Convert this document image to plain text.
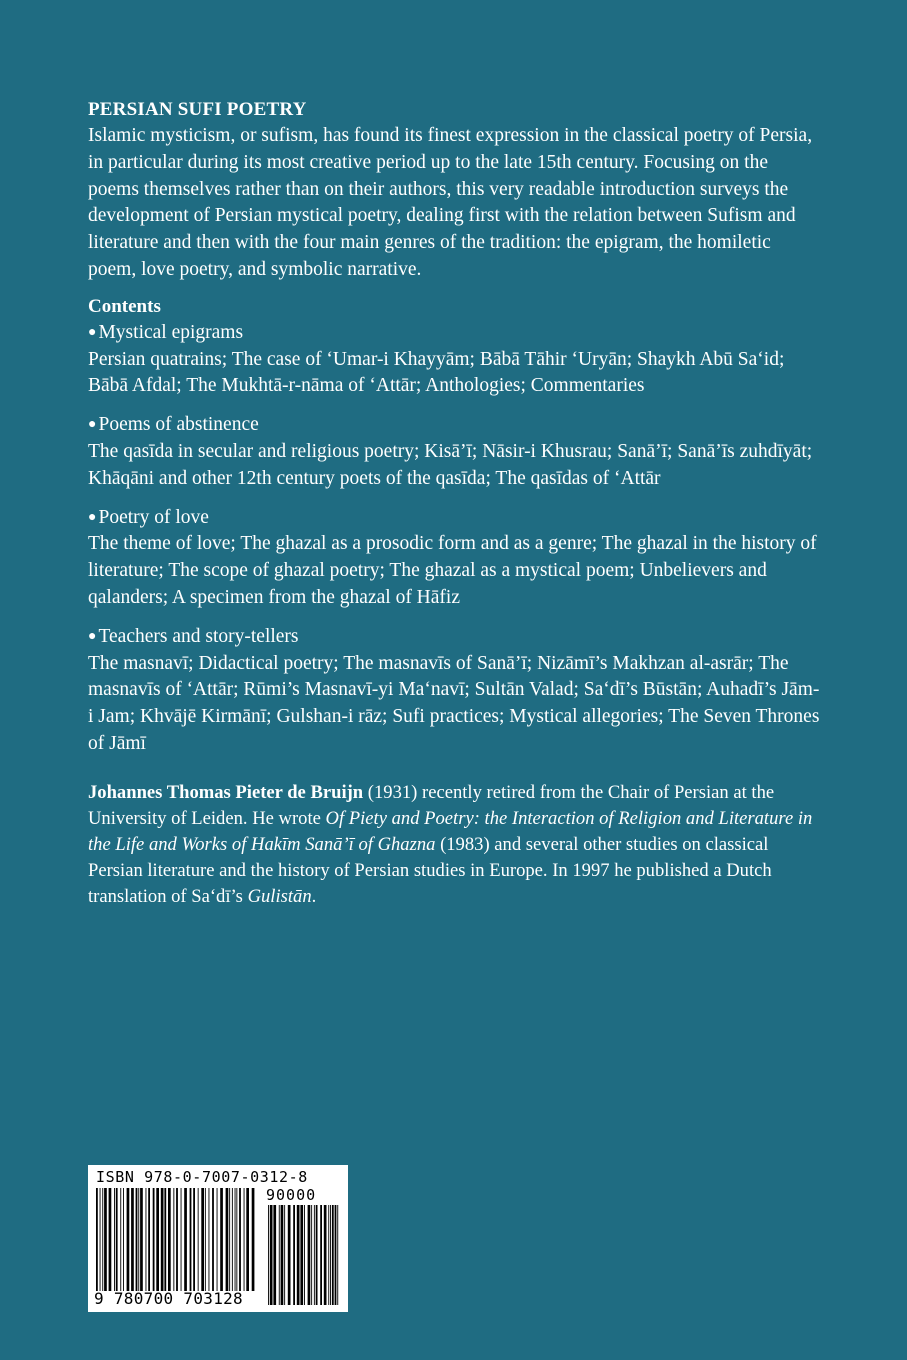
PERSIAN SUFI POETRY

Islamic mysticism, or sufism, has found its finest expression in the classical poetry of Persia, in particular during its most creative period up to the late 15th century. Focusing on the poems themselves rather than on their authors, this very readable introduction surveys the development of Persian mystical poetry, dealing first with the relation between Sufism and literature and then with the four main genres of the tradition: the epigram, the homiletic poem, love poetry, and symbolic narrative.

Contents
● Mystical epigrams
Persian quatrains; The case of ‘Umar-i Khayyām; Bābā Tāhir ‘Uryān; Shaykh Abū Sa‘id; Bābā Afdal; The Mukhtā-r-nāma of ‘Attār; Anthologies; Commentaries
● Poems of abstinence
The qasīda in secular and religious poetry; Kisā’ī; Nāsir-i Khusrau; Sanā’ī; Sanā’īs zuhdīyāt; Khāqāni and other 12th century poets of the qasīda; The qasīdas of ‘Attār
● Poetry of love
The theme of love; The ghazal as a prosodic form and as a genre; The ghazal in the history of literature; The scope of ghazal poetry; The ghazal as a mystical poem; Unbelievers and qalanders; A specimen from the ghazal of Hāfiz
● Teachers and story-tellers
The masnavī; Didactical poetry; The masnavīs of Sanā’ī; Nizāmī’s Makhzan al-asrār; The masnavīs of ‘Attār; Rūmi’s Masnavī-yi Ma‘navī; Sultān Valad; Sa‘dī’s Būstān; Auhadī’s Jām-i Jam; Khvājē Kirmānī; Gulshan-i rāz; Sufi practices; Mystical allegories; The Seven Thrones of Jāmī
Johannes Thomas Pieter de Bruijn (1931) recently retired from the Chair of Persian at the University of Leiden. He wrote Of Piety and Poetry: the Interaction of Religion and Literature in the Life and Works of Hakīm Sanā’ī of Ghazna (1983) and several other studies on classical Persian literature and the history of Persian studies in Europe. In 1997 he published a Dutch translation of Sa‘dī’s Gulistān.
ISBN 978-0-7007-0312-8
9 780700 703128
90000
